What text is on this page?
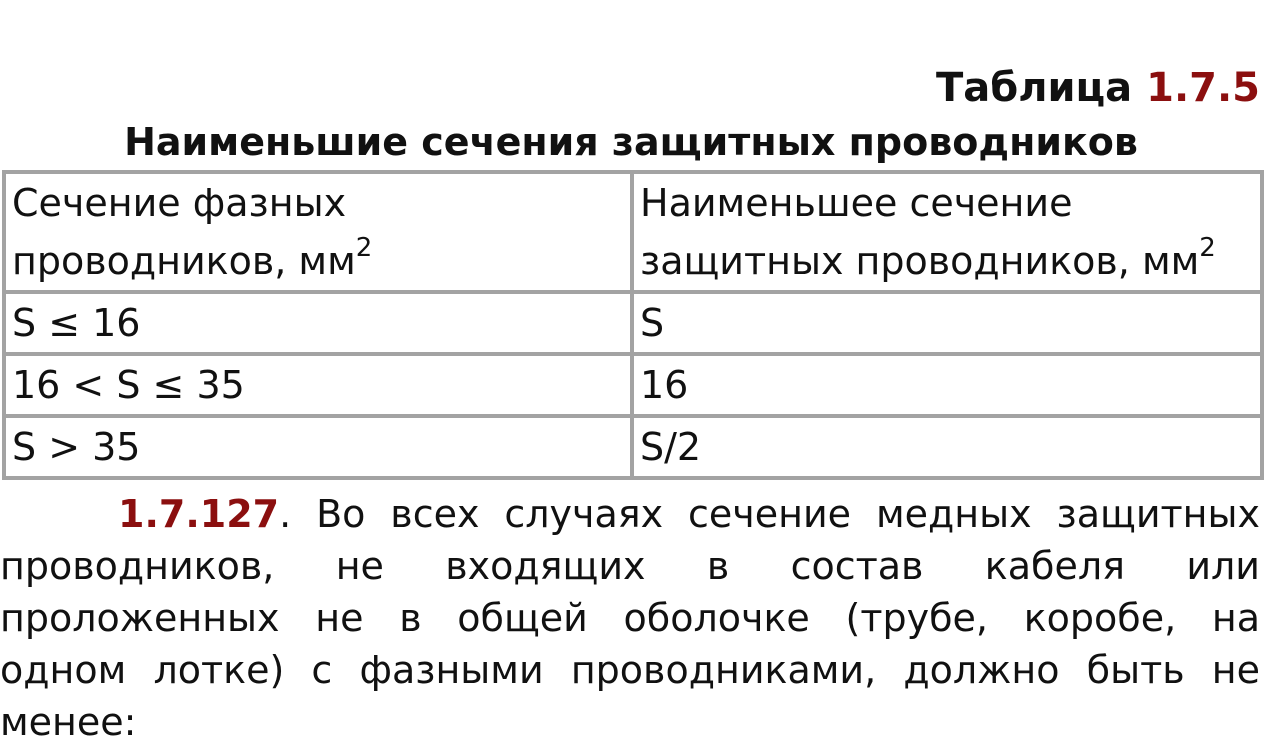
Таблица 1.7.5
Наименьшие сечения защитных проводников
Сечение фазных проводников, $мм^2$	Наименьшее сечение защитных проводников, $мм^2$
S ≤ 16	S
16 < S ≤ 35	16
S > 35	S/2
1.7.127. Во всех случаях сечение медных защитных
проводников, не входящих в состав кабеля или
проложенных не в общей оболочке (трубе, коробе, на
одном лотке) с фазными проводниками, должно быть не
менее:
